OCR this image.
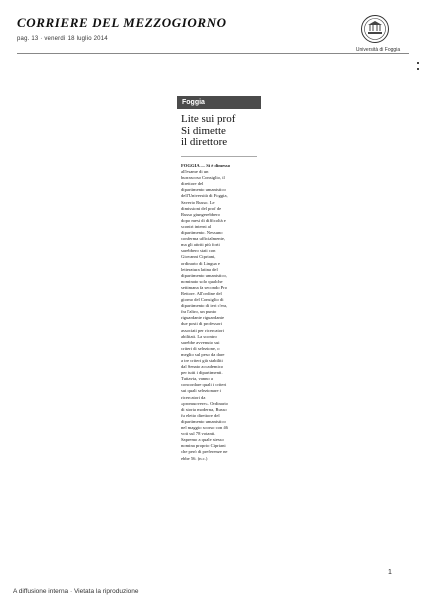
CORRIERE DEL MEZZOGIORNO
pag. 13 · venerdì 18 luglio 2014
Università di Foggia
Foggia
Lite sui prof
Si dimette
il direttore
FOGGIA — Si è dimesso
all'esame di un
burrascoso Consiglio, il
direttore del
dipartimento umanistico
dell'Università di Foggia,
Saverio Russo. Le
dimissioni del prof de
Russo giungerebbero
dopo mesi di difficoltà e
scontri interni al
dipartimento. Nessuno
conferma ufficialmente,
ma gli attriti più forti
sarebbero stati con
Giovanni Cipriani,
ordinario di Lingua e
letteratura latina del
dipartimento umanistico,
nominato solo qualche
settimana fa secondo Pro
Rettore. All'ordine del
giorno del Consiglio di
dipartimento di ieri c'era,
fra l'altro, un punto
riguardante riguardante
due posti di professori
associati per ricercatori
abilitati. La scontro
sarebbe avvenuto sui
criteri di selezione, o
meglio sul peso da dare
a tre criteri già stabiliti
dal Senato accademico
per tutti i dipartimenti.
Tuttavia, vanno a
concordare quali i criteri
sui quali selezionare i
ricercatori da
«promuovere». Ordinario
di storia moderna, Russo
fu eletto direttore del
dipartimento umanistico
nel maggio scorso con 46
voti sul 78 votanti.
Sapremo a quale stesso
nomina proprio Cipriani
che però di preferenze ne
ebbe 56. (n.c.)
1
A diffusione interna · Vietata la riproduzione
